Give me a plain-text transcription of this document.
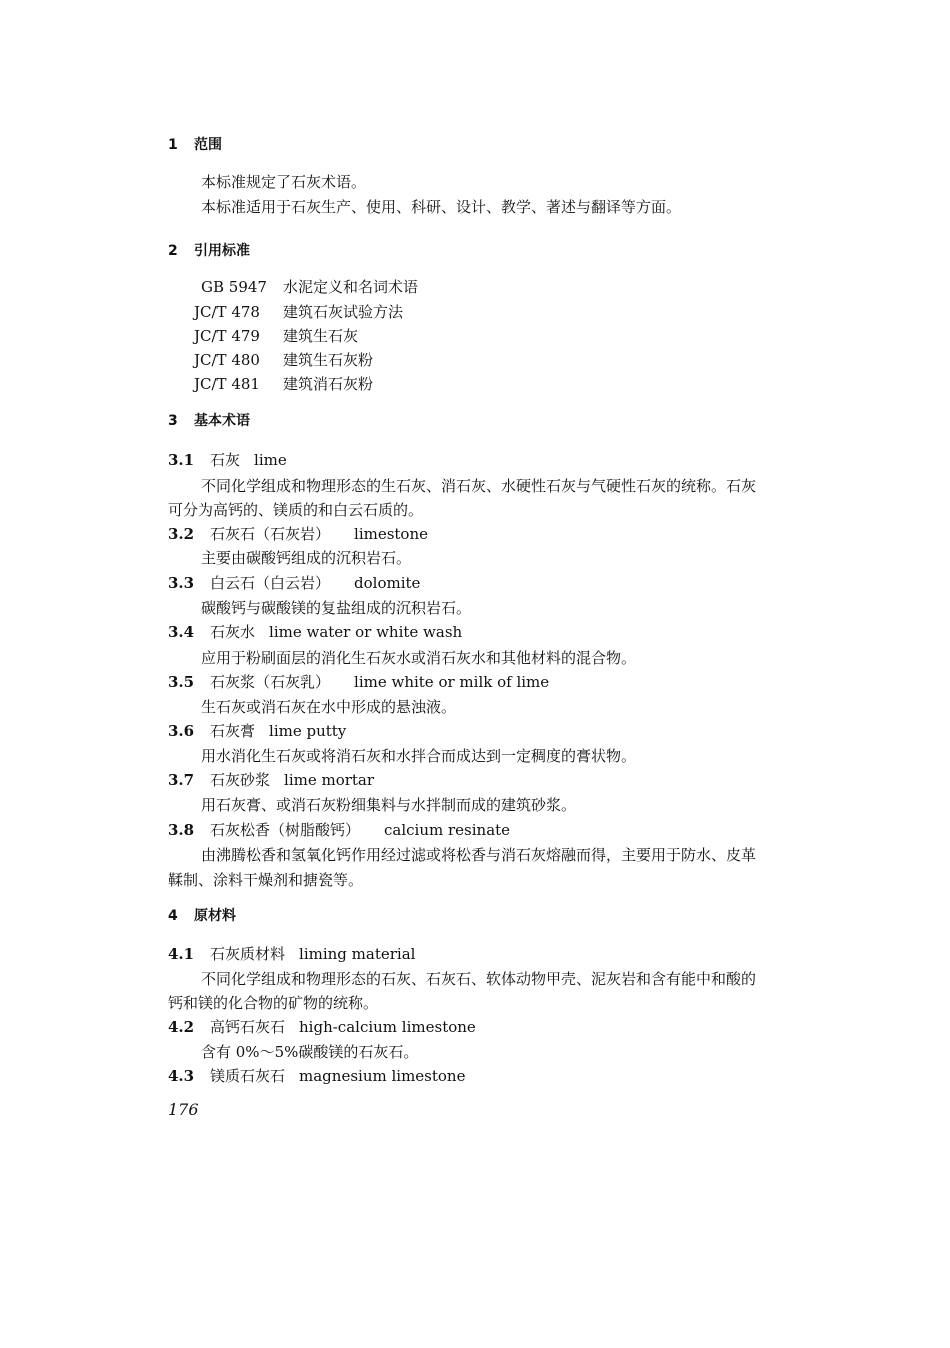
1 范围
本标准规定了石灰术语。
本标准适用于石灰生产、使用、科研、设计、教学、著述与翻译等方面。
2 引用标准
GB 5947 水泥定义和名词术语
JC/T 478 建筑石灰试验方法
JC/T 479 建筑生石灰
JC/T 480 建筑生石灰粉
JC/T 481 建筑消石灰粉
3 基本术语
3.1 石灰 lime
不同化学组成和物理形态的生石灰、消石灰、水硬性石灰与气硬性石灰的统称。石灰
可分为高钙的、镁质的和白云石质的。
3.2 石灰石（石灰岩） limestone
主要由碳酸钙组成的沉积岩石。
3.3 白云石（白云岩） dolomite
碳酸钙与碳酸镁的复盐组成的沉积岩石。
3.4 石灰水 lime water or white wash
应用于粉刷面层的消化生石灰水或消石灰水和其他材料的混合物。
3.5 石灰浆（石灰乳） lime white or milk of lime
生石灰或消石灰在水中形成的悬浊液。
3.6 石灰膏 lime putty
用水消化生石灰或将消石灰和水拌合而成达到一定稠度的膏状物。
3.7 石灰砂浆 lime mortar
用石灰膏、或消石灰粉细集料与水拌制而成的建筑砂浆。
3.8 石灰松香（树脂酸钙） calcium resinate
由沸腾松香和氢氧化钙作用经过滤或将松香与消石灰熔融而得，主要用于防水、皮革
鞣制、涂料干燥剂和搪瓷等。
4 原材料
4.1 石灰质材料 liming material
不同化学组成和物理形态的石灰、石灰石、软体动物甲壳、泥灰岩和含有能中和酸的
钙和镁的化合物的矿物的统称。
4.2 高钙石灰石 high-calcium limestone
含有 0%～5%碳酸镁的石灰石。
4.3 镁质石灰石 magnesium limestone
176
